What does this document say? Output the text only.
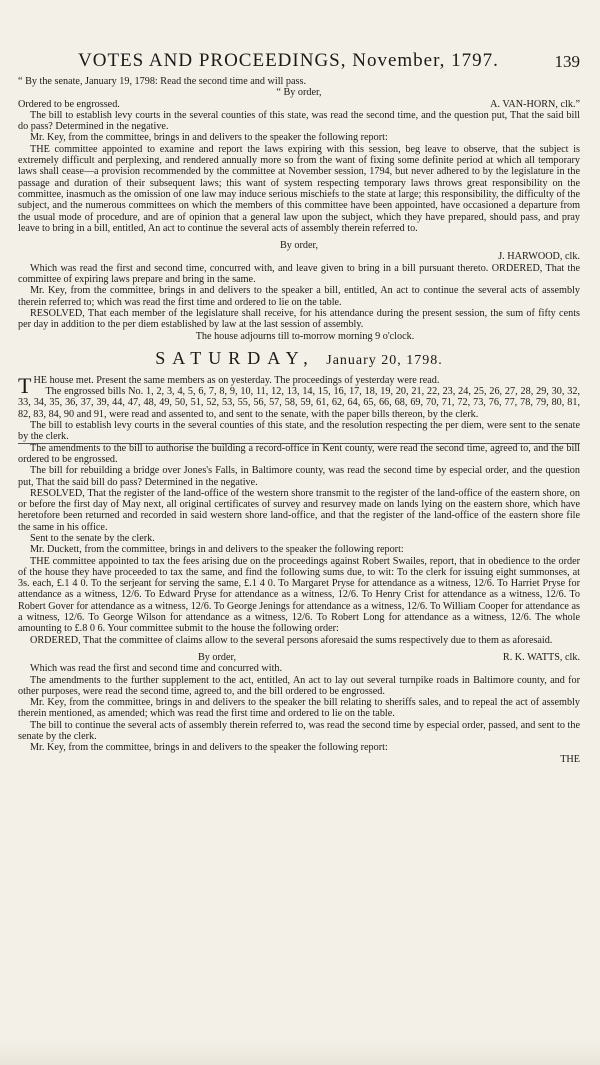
VOTES AND PROCEEDINGS, November, 1797.	139

“ By the senate, January 19, 1798: Read the second time and will pass.

“ By order,

Ordered to be engrossed.	A. VAN-HORN, clk.”

The bill to establish levy courts in the several counties of this state, was read the second time, and the question put, That the said bill do pass? Determined in the negative.

Mr. Key, from the committee, brings in and delivers to the speaker the following report:

THE committee appointed to examine and report the laws expiring with this session, beg leave to observe, that the subject is extremely difficult and perplexing, and rendered annually more so from the want of fixing some definite period at which all temporary laws shall cease—a provision recommended by the committee at November session, 1794, but never adhered to by the legislature in the passage and duration of their subsequent laws; this want of system respecting temporary laws throws great responsibility on the committee, inasmuch as the omission of one law may induce serious mischiefs to the state at large; this responsibility, the difficulty of the subject, and the numerous committees on which the members of this committee have been appointed, have occasioned a departure from the usual mode of procedure, and are of opinion that a general law upon the subject, which they have prepared, should pass, and pray leave to bring in a bill, entitled, An act to continue the several acts of assembly therein referred to.

By order,

J. HARWOOD, clk.

Which was read the first and second time, concurred with, and leave given to bring in a bill pursuant thereto. ORDERED, That the committee of expiring laws prepare and bring in the same.

Mr. Key, from the committee, brings in and delivers to the speaker a bill, entitled, An act to continue the several acts of assembly therein referred to; which was read the first time and ordered to lie on the table.

RESOLVED, That each member of the legislature shall receive, for his attendance during the present session, the sum of fifty cents per day in addition to the per diem established by law at the last session of assembly.

The house adjourns till to-morrow morning 9 o'clock.

SATURDAY, January 20, 1798.

THE house met. Present the same members as on yesterday. The proceedings of yesterday were read.

The engrossed bills No. 1, 2, 3, 4, 5, 6, 7, 8, 9, 10, 11, 12, 13, 14, 15, 16, 17, 18, 19, 20, 21, 22, 23, 24, 25, 26, 27, 28, 29, 30, 32, 33, 34, 35, 36, 37, 39, 44, 47, 48, 49, 50, 51, 52, 53, 55, 56, 57, 58, 59, 61, 62, 64, 65, 66, 68, 69, 70, 71, 72, 73, 76, 77, 78, 79, 80, 81, 82, 83, 84, 90 and 91, were read and assented to, and sent to the senate, with the paper bills thereon, by the clerk.

The bill to establish levy courts in the several counties of this state, and the resolution respecting the per diem, were sent to the senate by the clerk.

The amendments to the bill to authorise the building a record-office in Kent county, were read the second time, agreed to, and the bill ordered to be engrossed.

The bill for rebuilding a bridge over Jones's Falls, in Baltimore county, was read the second time by especial order, and the question put, That the said bill do pass? Determined in the negative.

RESOLVED, That the register of the land-office of the western shore transmit to the register of the land-office of the eastern shore, on or before the first day of May next, all original certificates of survey and resurvey made on lands lying on the eastern shore, which have heretofore been returned and recorded in said western shore land-office, and that the register of the land-office of the eastern shore file the same in his office.

Sent to the senate by the clerk.

Mr. Duckett, from the committee, brings in and delivers to the speaker the following report:

THE committee appointed to tax the fees arising due on the proceedings against Robert Swailes, report, that in obedience to the order of the house they have proceeded to tax the same, and find the following sums due, to wit: To the clerk for issuing eight summonses, at 3s. each, £.1 4 0. To the serjeant for serving the same, £.1 4 0. To Margaret Pryse for attendance as a witness, 12/6. To Harriet Pryse for attendance as a witness, 12/6. To Edward Pryse for attendance as a witness, 12/6. To Henry Crist for attendance as a witness, 12/6. To Robert Gover for attendance as a witness, 12/6. To George Jenings for attendance as a witness, 12/6. To William Cooper for attendance as a witness, 12/6. To George Wilson for attendance as a witness, 12/6. To Robert Long for attendance as a witness, 12/6. The whole amounting to £.8 0 6. Your committee submit to the house the following order:

ORDERED, That the committee of claims allow to the several persons aforesaid the sums respectively due to them as aforesaid.

By order,	R. K. WATTS, clk.

Which was read the first and second time and concurred with.

The amendments to the further supplement to the act, entitled, An act to lay out several turnpike roads in Baltimore county, and for other purposes, were read the second time, agreed to, and the bill ordered to be engrossed.

Mr. Key, from the committee, brings in and delivers to the speaker the bill relating to sheriffs sales, and to repeal the act of assembly therein mentioned, as amended; which was read the first time and ordered to lie on the table.

The bill to continue the several acts of assembly therein referred to, was read the second time by especial order, passed, and sent to the senate by the clerk.

Mr. Key, from the committee, brings in and delivers to the speaker the following report:

THE
